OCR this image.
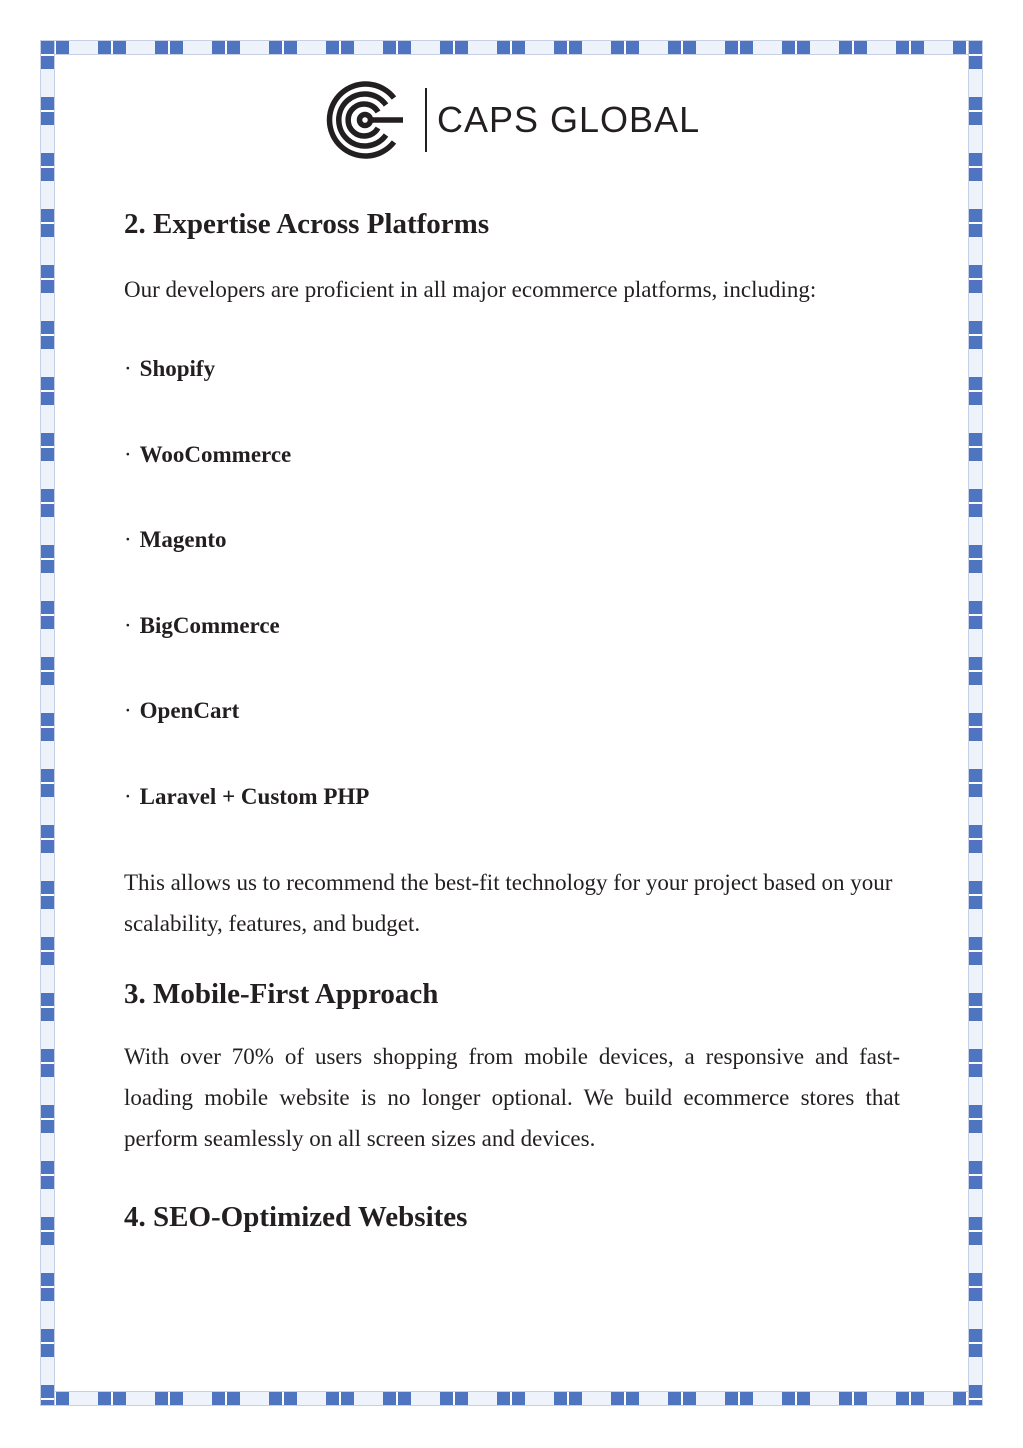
CAPS GLOBAL
2. Expertise Across Platforms

Our developers are proficient in all major ecommerce platforms, including:

· Shopify
· WooCommerce
· Magento
· BigCommerce
· OpenCart
· Laravel + Custom PHP

This allows us to recommend the best-fit technology for your project based on your scalability, features, and budget.

3. Mobile-First Approach

With over 70% of users shopping from mobile devices, a responsive and fast-loading mobile website is no longer optional. We build ecommerce stores that perform seamlessly on all screen sizes and devices.

4. SEO-Optimized Websites
